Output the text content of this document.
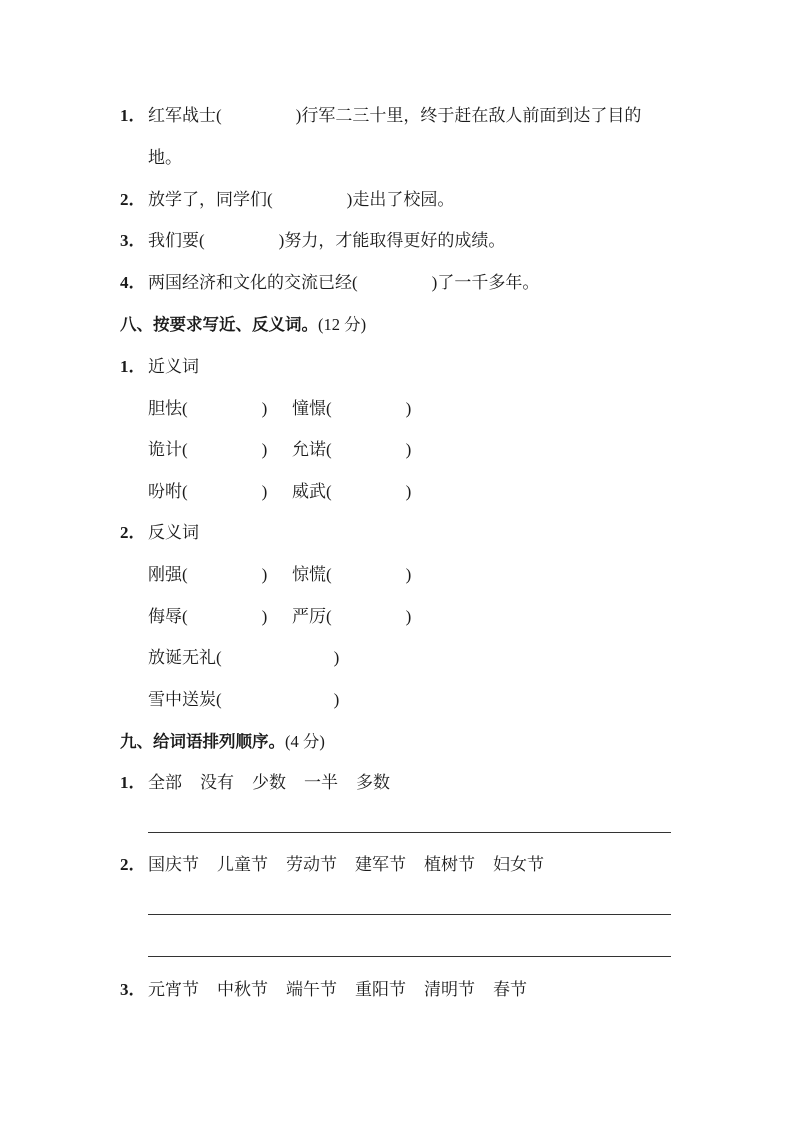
1． 红军战士(	)行军二三十里，终于赶在敌人前面到达了目的
地。
2． 放学了，同学们(	)走出了校园。
3． 我们要(	)努力，才能取得更好的成绩。
4． 两国经济和文化的交流已经(	)了一千多年。
八、按要求写近、反义词。(12 分)
1． 近义词
胆怯(	) 憧憬(	)
诡计(	) 允诺(	)
吩咐(	) 威武(	)
2． 反义词
刚强(	) 惊慌(	)
侮辱(	) 严厉(	)
放诞无礼(	)
雪中送炭(	)
九、给词语排列顺序。(4 分)
1． 全部 没有 少数 一半 多数
2． 国庆节 儿童节 劳动节 建军节 植树节 妇女节
3． 元宵节 中秋节 端午节 重阳节 清明节 春节
